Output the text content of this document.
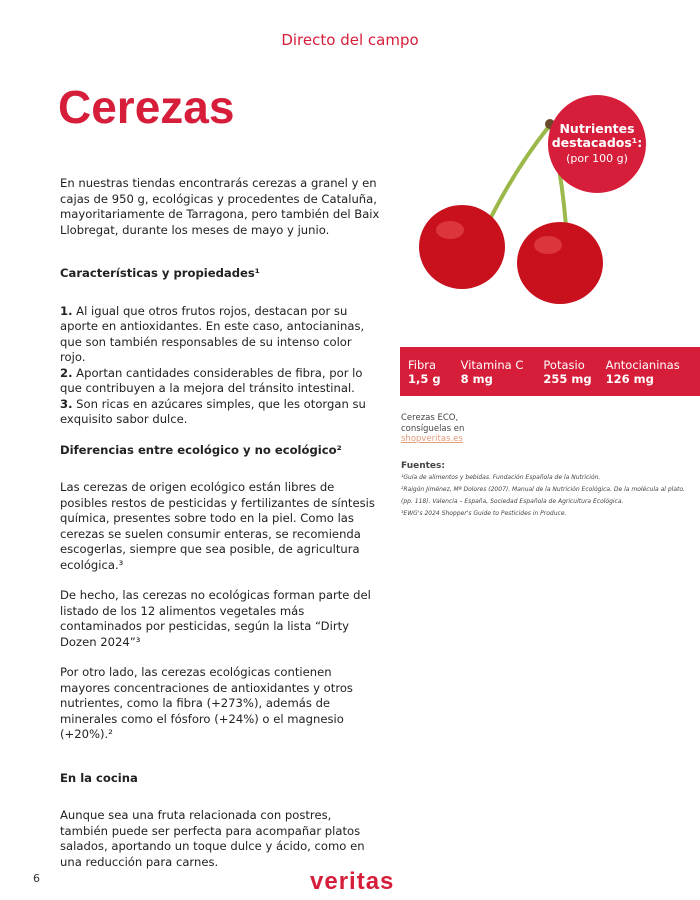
Directo del campo
Cerezas

En nuestras tiendas encontrarás cerezas a granel y en cajas de 950 g, ecológicas y procedentes de Cataluña, mayoritariamente de Tarragona, pero también del Baix Llobregat, durante los meses de mayo y junio.

Características y propiedades¹

1. Al igual que otros frutos rojos, destacan por su aporte en antioxidantes. En este caso, antocianinas, que son también responsables de su intenso color rojo.
2. Aportan cantidades considerables de fibra, por lo que contribuyen a la mejora del tránsito intestinal.
3. Son ricas en azúcares simples, que les otorgan su exquisito sabor dulce.

Diferencias entre ecológico y no ecológico²

Las cerezas de origen ecológico están libres de posibles restos de pesticidas y fertilizantes de síntesis química, presentes sobre todo en la piel. Como las cerezas se suelen consumir enteras, se recomienda escogerlas, siempre que sea posible, de agricultura ecológica.³

De hecho, las cerezas no ecológicas forman parte del listado de los 12 alimentos vegetales más contaminados por pesticidas, según la lista “Dirty Dozen 2024”³

Por otro lado, las cerezas ecológicas contienen mayores concentraciones de antioxidantes y otros nutrientes, como la fibra (+273%), además de minerales como el fósforo (+24%) o el magnesio (+20%).²

En la cocina

Aunque sea una fruta relacionada con postres, también puede ser perfecta para acompañar platos salados, aportando un toque dulce y ácido, como en una reducción para carnes.

Nutrientes
destacados¹:
(por 100 g)
Fibra
1,5 g
Vitamina C
8 mg
Potasio
255 mg
Antocianinas
126 mg
Cerezas ECO,
consíguelas en
shopveritas.es
Fuentes:
¹Guía de alimentos y bebidas. Fundación Española de la Nutrición.
²Raigón Jiménez, Mª Dolores (2007). Manual de la Nutrición Ecológica. De la molécula al plato. (pp. 118). Valencia – España, Sociedad Española de Agricultura Ecológica.
³EWG's 2024 Shopper's Guide to Pesticides in Produce.
6	veritas
